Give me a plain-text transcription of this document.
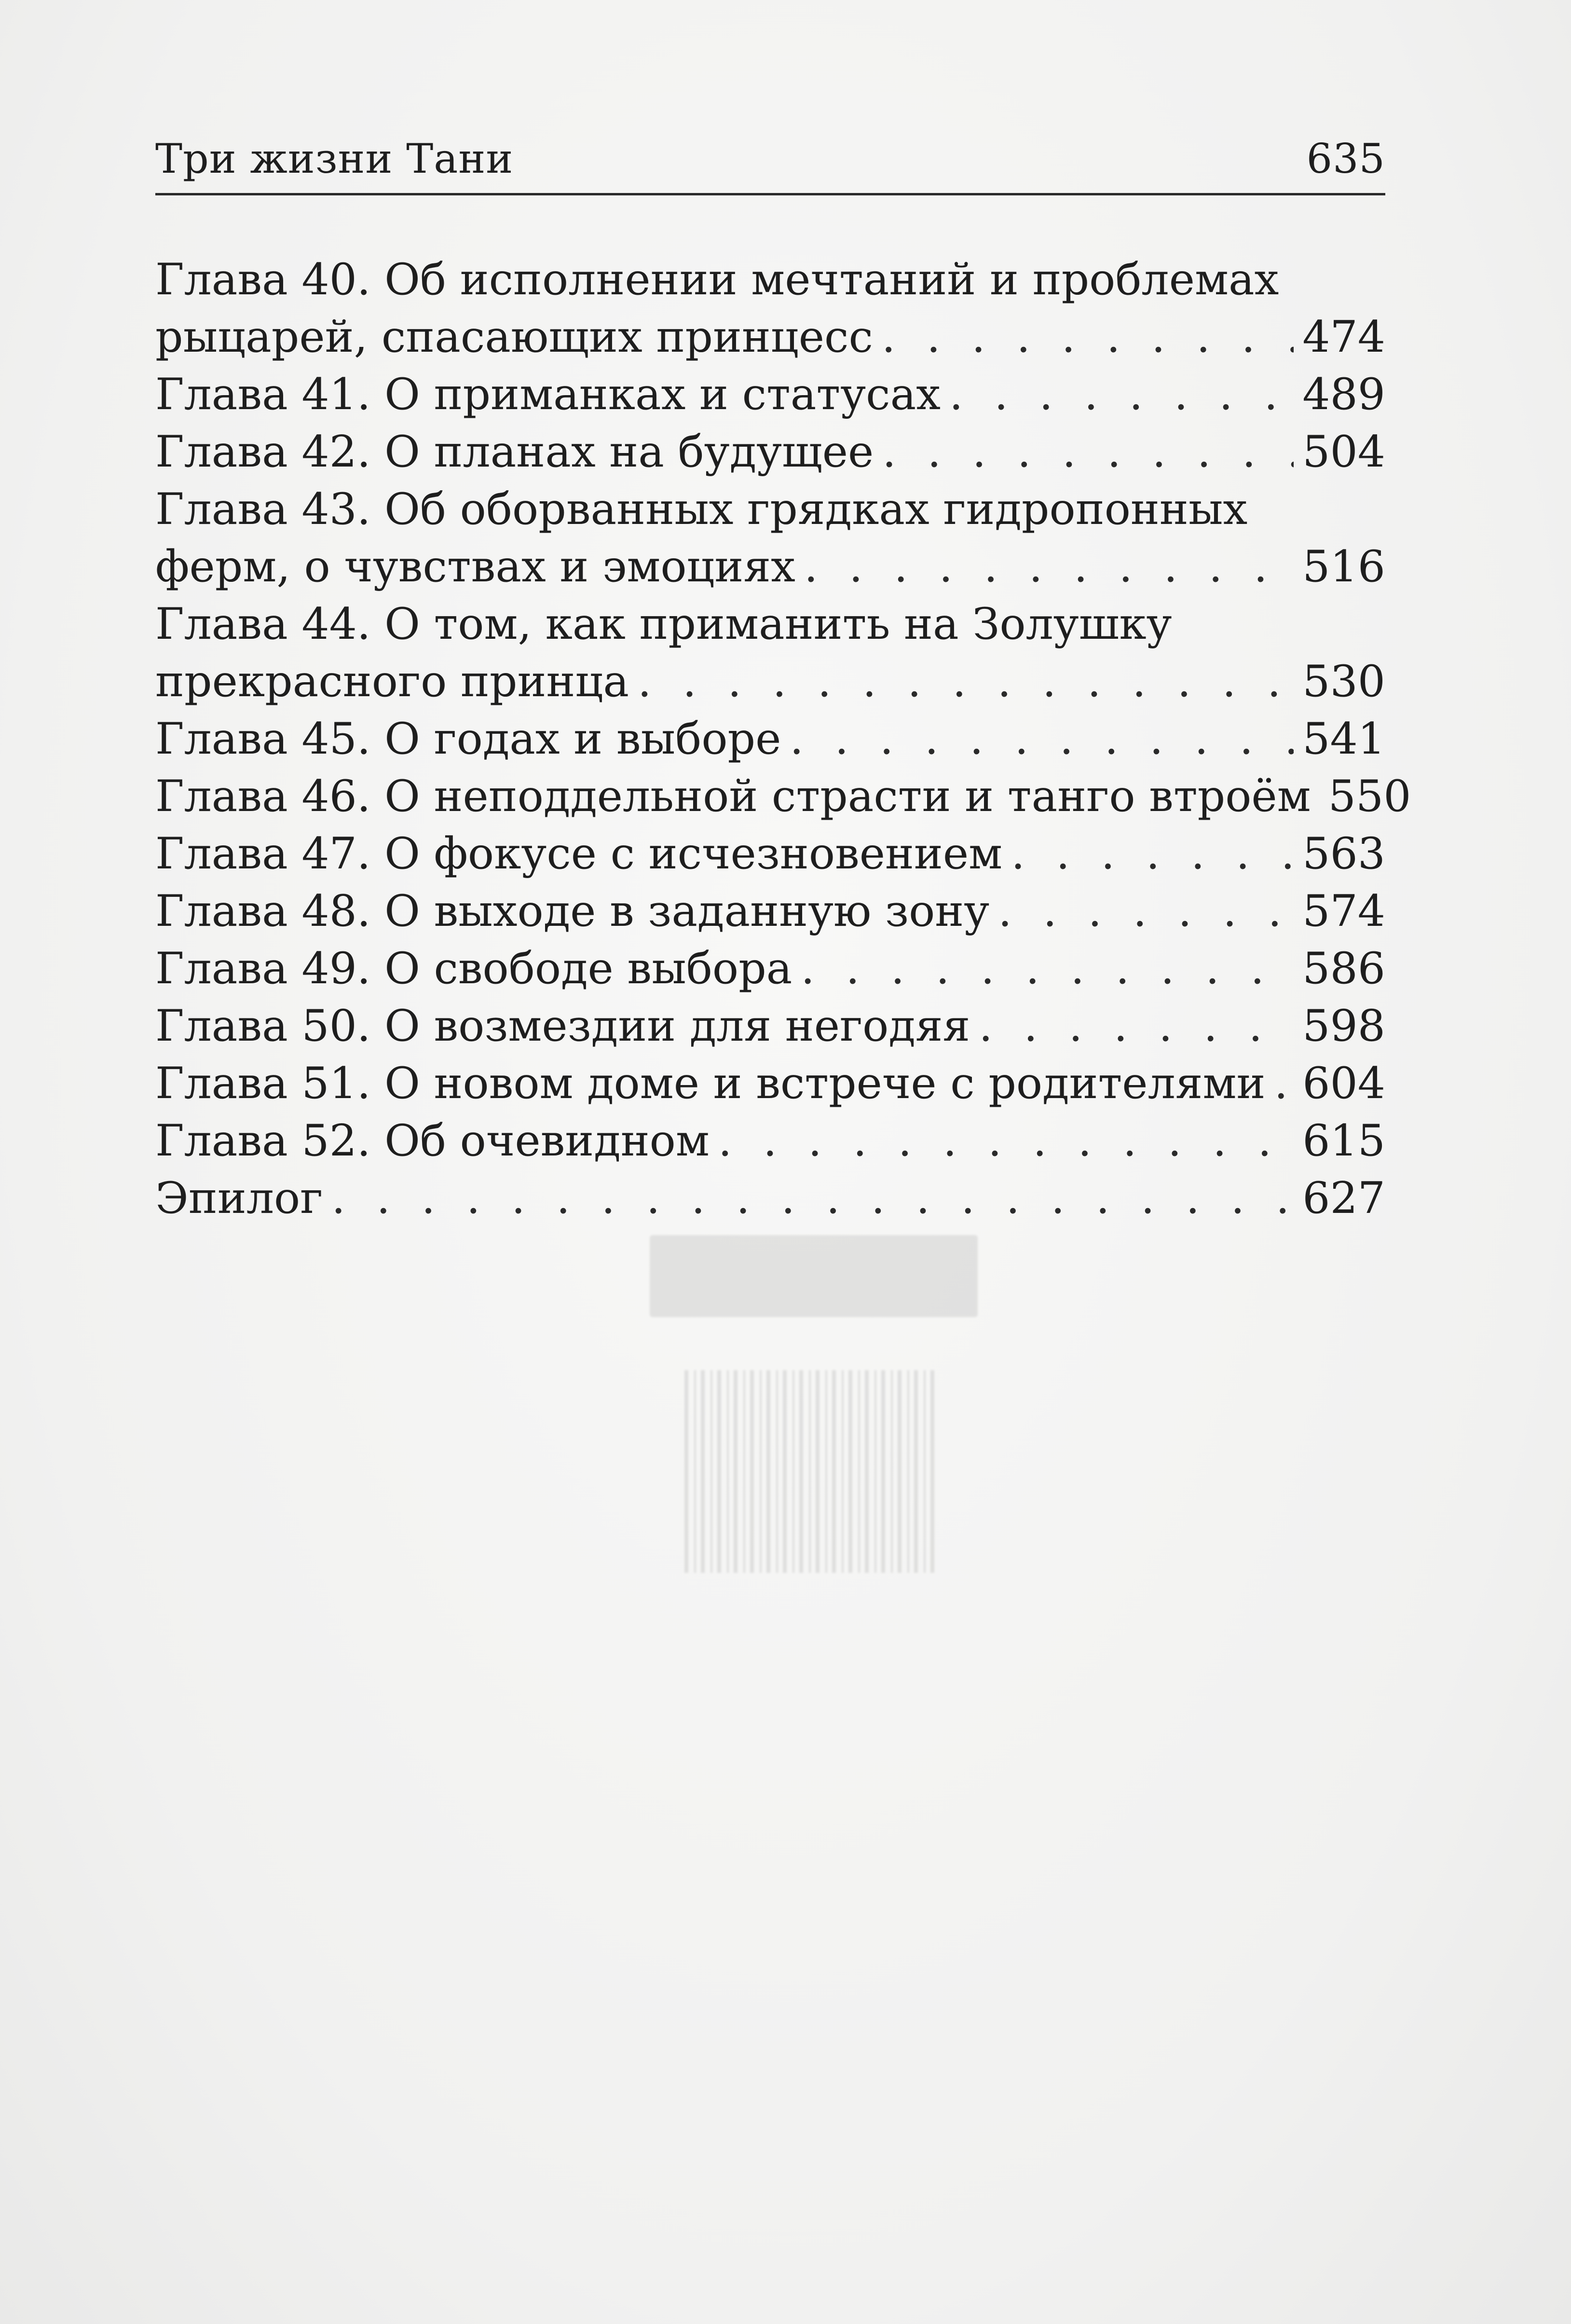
Три жизни Тани	635
Глава 40. Об исполнении мечтаний и проблемах
рыцарей, спасающих принцесс . . .	474
Глава 41. О приманках и статусах . . .	489
Глава 42. О планах на будущее . . .	504
Глава 43. Об оборванных грядках гидропонных
ферм, о чувствах и эмоциях . . .	516
Глава 44. О том, как приманить на Золушку
прекрасного принца . . .	530
Глава 45. О годах и выборе . . .	541
Глава 46. О неподдельной страсти и танго втроём 550
Глава 47. О фокусе с исчезновением . . .	563
Глава 48. О выходе в заданную зону . . .	574
Глава 49. О свободе выбора . . .	586
Глава 50. О возмездии для негодяя . . .	598
Глава 51. О новом доме и встрече с родителями . . . 604
Глава 52. Об очевидном . . .	615
Эпилог . . .	627
